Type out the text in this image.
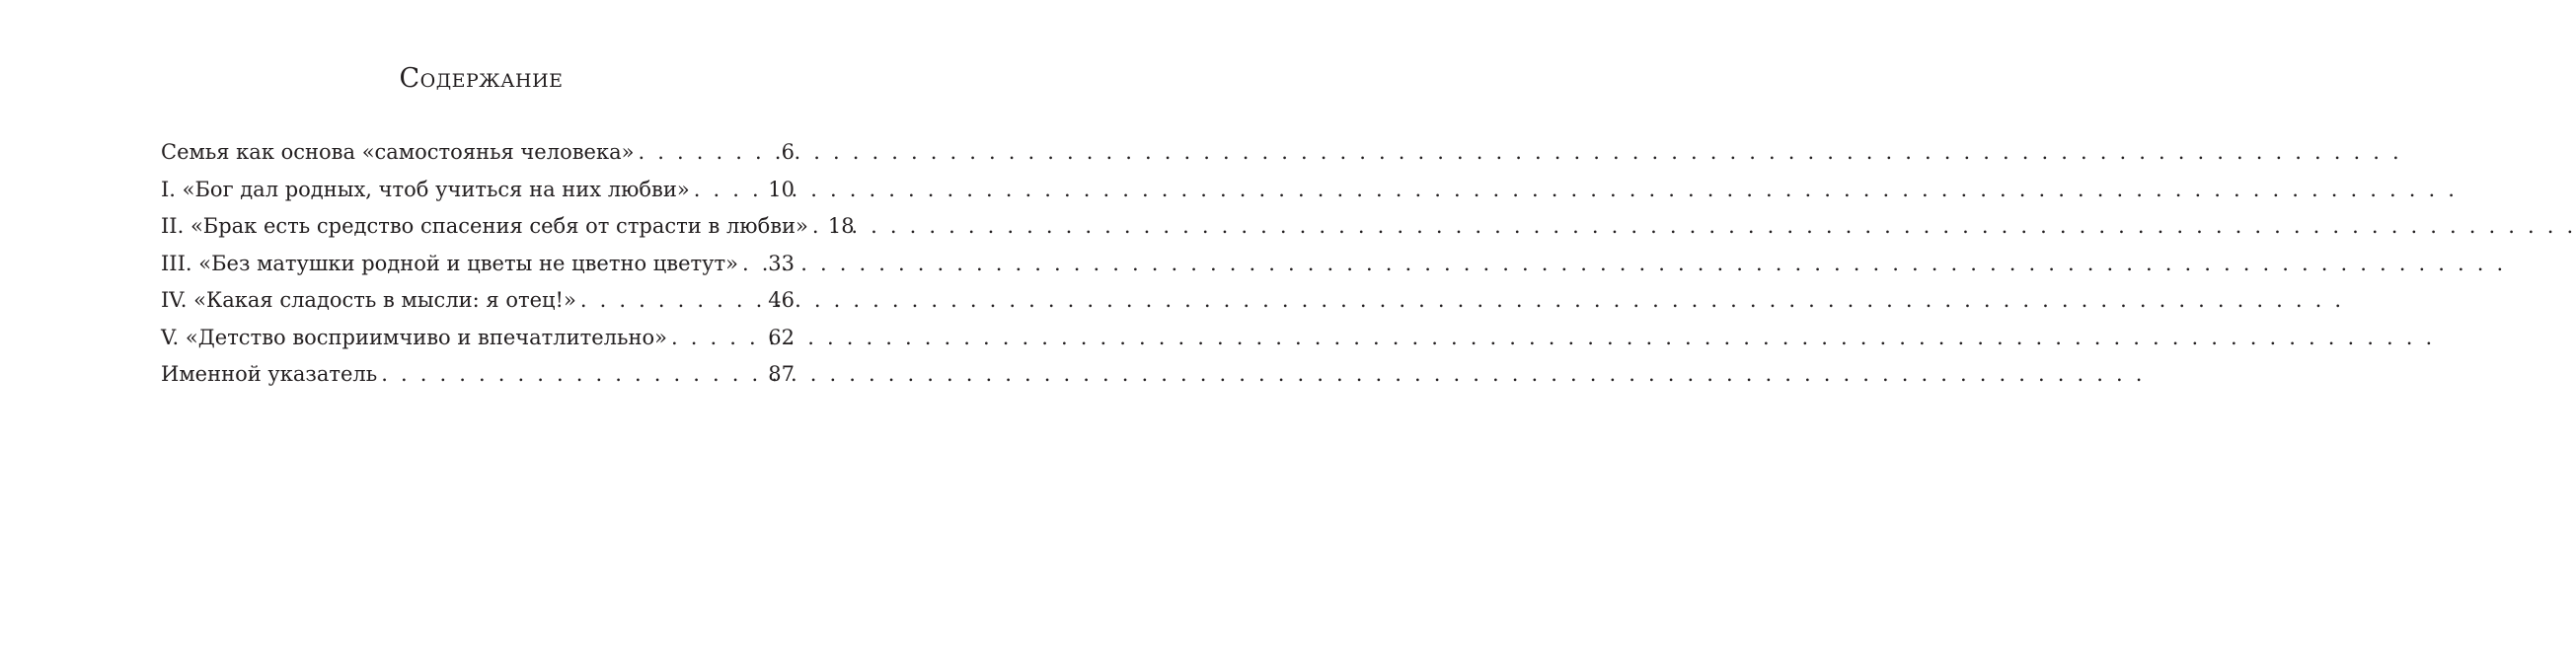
Содержание
Семья как основа «самостоянья человека» . . .	6
I. «Бог дал родных, чтоб учиться на них любви» . . .	10
II. «Брак есть средство спасения себя от страсти в любви» . . . 18
III. «Без матушки родной и цветы не цветно цветут» . . . 33
IV. «Какая сладость в мысли: я отец!» . . .	46
V. «Детство восприимчиво и впечатлительно» . . .	62
Именной указатель . . .	87
